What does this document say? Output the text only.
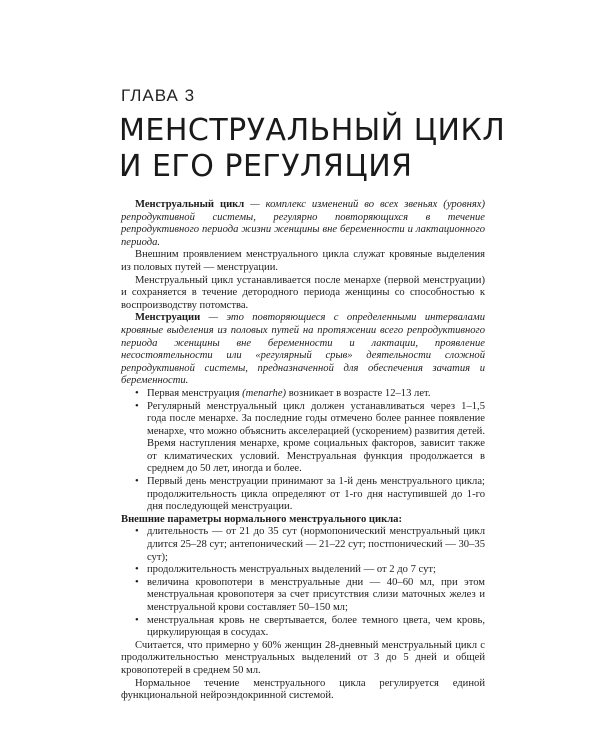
ГЛАВА 3
МЕНСТРУАЛЬНЫЙ ЦИКЛ
И ЕГО РЕГУЛЯЦИЯ

Менструальный цикл — комплекс изменений во всех звеньях (уровнях) репродуктивной системы, регулярно повторяющихся в течение репродуктивного периода жизни женщины вне беременности и лактационного периода.

Внешним проявлением менструального цикла служат кровяные выделения из половых путей — менструации.

Менструальный цикл устанавливается после менархе (первой менструации) и сохраняется в течение детородного периода женщины со способностью к воспроизводству потомства.

Менструации — это повторяющиеся с определенными интервалами кровяные выделения из половых путей на протяжении всего репродуктивного периода женщины вне беременности и лактации, проявление несостоятельности или «регулярный срыв» деятельности сложной репродуктивной системы, предназначенной для обеспечения зачатия и беременности.

• Первая менструация (menarhe) возникает в возрасте 12–13 лет.
• Регулярный менструальный цикл должен устанавливаться через 1–1,5 года после менархе. За последние годы отмечено более раннее появление менархе, что можно объяснить акселерацией (ускорением) развития детей. Время наступления менархе, кроме социальных факторов, зависит также от климатических условий. Менструальная функция продолжается в среднем до 50 лет, иногда и более.
• Первый день менструации принимают за 1-й день менструального цикла; продолжительность цикла определяют от 1-го дня наступившей до 1-го дня последующей менструации.

Внешние параметры нормального менструального цикла:

• длительность — от 21 до 35 сут (нормопонический менструальный цикл длится 25–28 сут; антепонический — 21–22 сут; постпонический — 30–35 сут);
• продолжительность менструальных выделений — от 2 до 7 сут;
• величина кровопотери в менструальные дни — 40–60 мл, при этом менструальная кровопотеря за счет присутствия слизи маточных желез и менструальной крови составляет 50–150 мл;
• менструальная кровь не свертывается, более темного цвета, чем кровь, циркулирующая в сосудах.

Считается, что примерно у 60% женщин 28-дневный менструальный цикл с продолжительностью менструальных выделений от 3 до 5 дней и общей кровопотерей в среднем 50 мл.

Нормальное течение менструального цикла регулируется единой функциональной нейроэндокринной системой.
